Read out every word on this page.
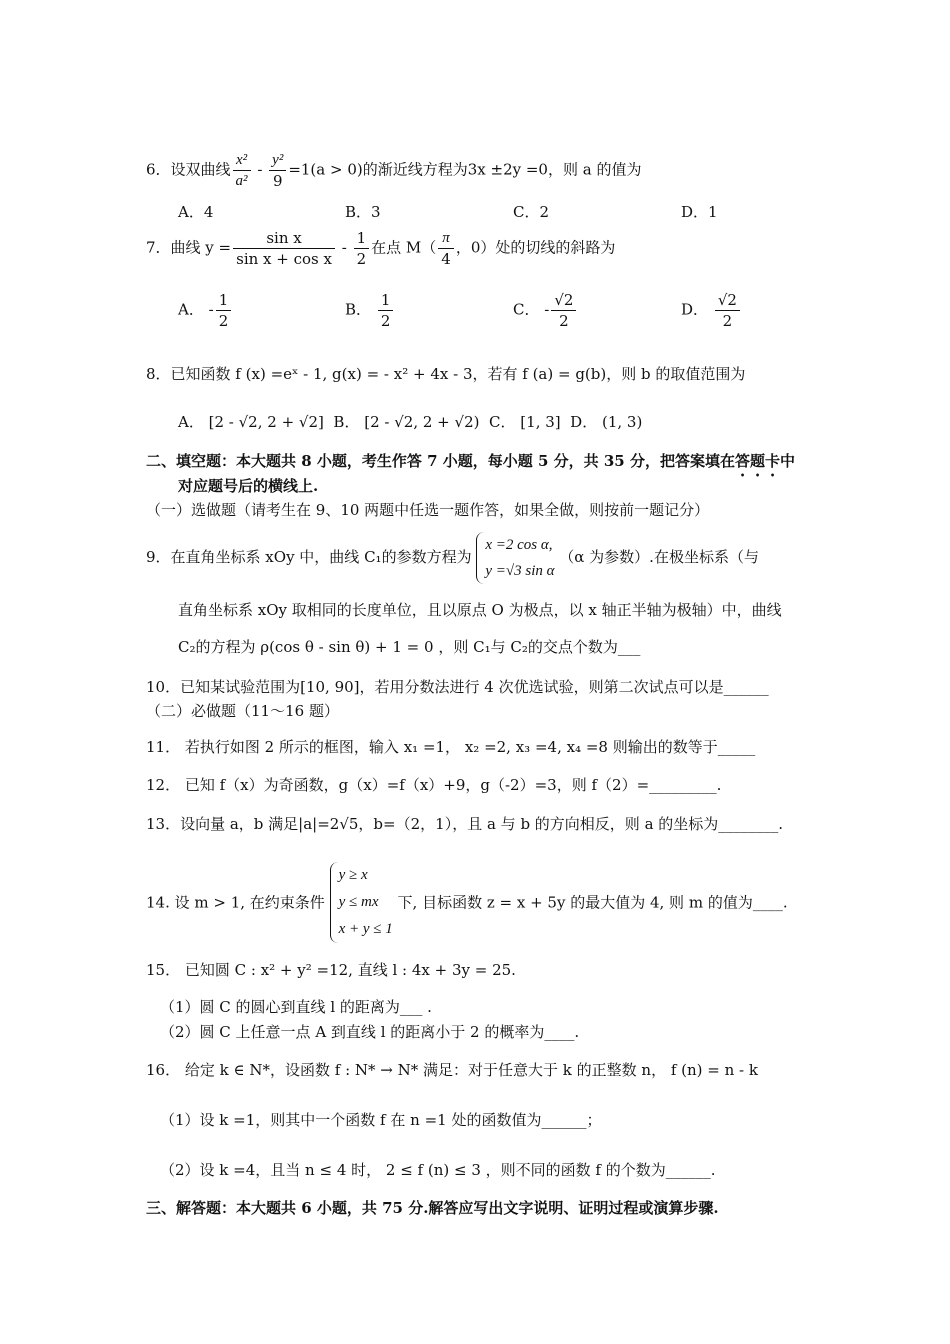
6．设双曲线 $\frac{\text{x²}}{\text{a²}} - \frac{\text{y²}}{9} =1(a > 0)$的渐近线方程为3x ±2y =0，则 a 的值为
A．4	B．3	C．2	D．1
7．曲线 $y = \frac{\text{sin x}}{\text{sin x + cos x}} - \frac{1}{2}$ 在点 $M( \frac{\pi}{4}$ ，0）处的切线的斜路为
A． - $\frac{1}{2}$	B． $\frac{1}{2}$	C． - $\frac{√2}{2}$	D． $\frac{√2}{2}$
8．已知函数 f (x) =eˣ - 1, g(x) = - x² + 4x - 3，若有 f (a) = g(b)，则 b 的取值范围为
A． [2 - √2, 2 + √2] B． [2 - √2, 2 + √2) C． [1, 3] D． (1, 3)
二、填空题：本大题共 8 小题，考生作答 7 小题，每小题 5 分，共 35 分，把答案填在答题卡中
对应题号后的横线上.
（一）选做题（请考生在 9、10 两题中任选一题作答，如果全做，则按前一题记分）
9．在直角坐标系 xOy 中，曲线 C₁的参数方程为
x =2 cos α,
y =√3 sin α
（α 为参数）.在极坐标系（与
直角坐标系 xOy 取相同的长度单位，且以原点 O 为极点，以 x 轴正半轴为极轴）中，曲线
C₂的方程为 ρ(cos θ - sin θ) + 1 = 0 ，则 C₁与 C₂的交点个数为___
10．已知某试验范围为[10, 90]，若用分数法进行 4 次优选试验，则第二次试点可以是______
（二）必做题（11～16 题）
11． 若执行如图 2 所示的框图，输入 x₁ =1， x₂ =2, x₃ =4, x₄ =8 则输出的数等于_____
12． 已知 f（x）为奇函数，g（x）=f（x）+9，g（-2）=3，则 f（2）=_________.
13．设向量 a，b 满足|a|=2√5，b=（2，1），且 a 与 b 的方向相反，则 a 的坐标为________.
14. 设 m > 1, 在约束条件
y ≥ x
y ≤ mx
x + y ≤ 1
下, 目标函数 z = x + 5y 的最大值为 4, 则 m 的值为____.
15． 已知圆 C : x² + y² =12, 直线 l : 4x + 3y = 25.
（1）圆 C 的圆心到直线 l 的距离为___ .
（2）圆 C 上任意一点 A 到直线 l 的距离小于 2 的概率为____.
16． 给定 k ∈ N*，设函数 f : N* → N* 满足：对于任意大于 k 的正整数 n， f (n) = n - k
（1）设 k =1，则其中一个函数 f 在 n =1 处的函数值为______；
（2）设 k =4，且当 n ≤ 4 时， 2 ≤ f (n) ≤ 3 ，则不同的函数 f 的个数为______.
三、解答题：本大题共 6 小题，共 75 分.解答应写出文字说明、证明过程或演算步骤.
